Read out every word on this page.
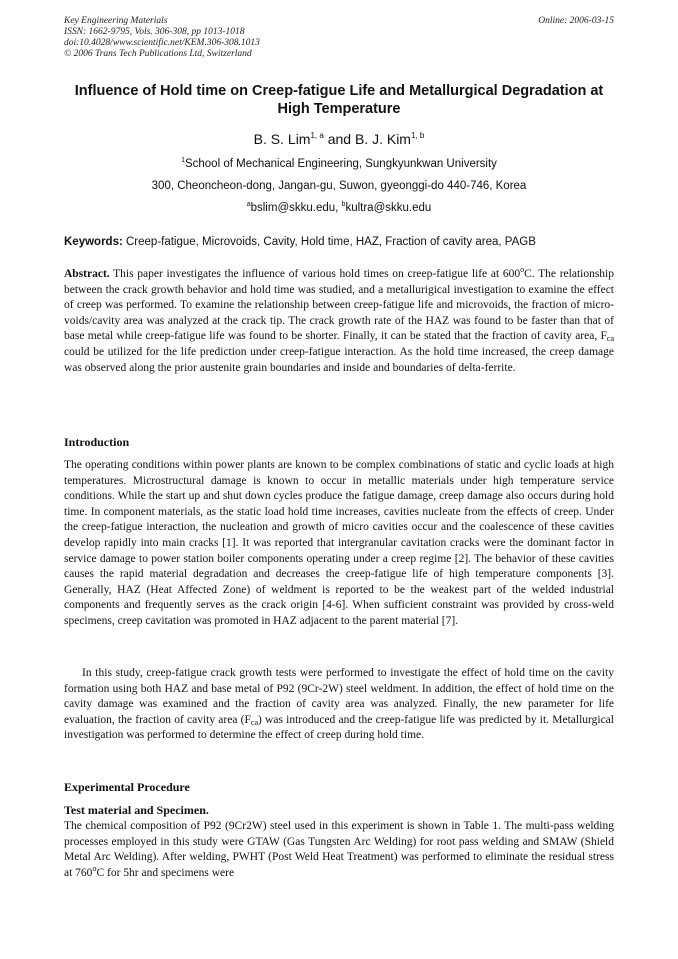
Key Engineering Materials
ISSN: 1662-9795, Vols. 306-308, pp 1013-1018
doi:10.4028/www.scientific.net/KEM.306-308.1013
© 2006 Trans Tech Publications Ltd, Switzerland
Online: 2006-03-15
Influence of Hold time on Creep-fatigue Life and Metallurgical Degradation at High Temperature
B. S. Lim$^{1, a}$ and B. J. Kim$^{1, b}$
$^1$School of Mechanical Engineering, Sungkyunkwan University
300, Cheoncheon-dong, Jangan-gu, Suwon, gyeonggi-do 440-746, Korea
$^a$bslim@skku.edu, $^b$kultra@skku.edu
Keywords: Creep-fatigue, Microvoids, Cavity, Hold time, HAZ, Fraction of cavity area, PAGB
Abstract. This paper investigates the influence of various hold times on creep-fatigue life at 600$^o$C. The relationship between the crack growth behavior and hold time was studied, and a metallurigical investigation to examine the effect of creep was performed. To examine the relationship between creep-fatigue life and microvoids, the fraction of micro-voids/cavity area was analyzed at the crack tip. The crack growth rate of the HAZ was found to be faster than that of base metal while creep-fatigue life was found to be shorter. Finally, it can be stated that the fraction of cavity area, $F_{ca}$ could be utilized for the life prediction under creep-fatigue interaction. As the hold time increased, the creep damage was observed along the prior austenite grain boundaries and inside and boundaries of delta-ferrite.
Introduction
The operating conditions within power plants are known to be complex combinations of static and cyclic loads at high temperatures. Microstructural damage is known to occur in metallic materials under high temperature service conditions. While the start up and shut down cycles produce the fatigue damage, creep damage also occurs during hold time. In component materials, as the static load hold time increases, cavities nucleate from the effects of creep. Under the creep-fatigue interaction, the nucleation and growth of micro cavities occur and the coalescence of these cavities develop rapidly into main cracks [1]. It was reported that intergranular cavitation cracks were the dominant factor in service damage to power station boiler components operating under a creep regime [2]. The behavior of these cavities causes the rapid material degradation and decreases the creep-fatigue life of high temperature components [3]. Generally, HAZ (Heat Affected Zone) of weldment is reported to be the weakest part of the welded industrial components and frequently serves as the crack origin [4-6]. When sufficient constraint was provided by cross-weld specimens, creep cavitation was promoted in HAZ adjacent to the parent material [7].
In this study, creep-fatigue crack growth tests were performed to investigate the effect of hold time on the cavity formation using both HAZ and base metal of P92 (9Cr-2W) steel weldment. In addition, the effect of hold time on the cavity damage was examined and the fraction of cavity area was analyzed. Finally, the new parameter for life evaluation, the fraction of cavity area $(F_{ca})$ was introduced and the creep-fatigue life was predicted by it. Metallurgical investigation was performed to determine the effect of creep during hold time.
Experimental Procedure
Test material and Specimen.
The chemical composition of P92 (9Cr2W) steel used in this experiment is shown in Table 1. The multi-pass welding processes employed in this study were GTAW (Gas Tungsten Arc Welding) for root pass welding and SMAW (Shield Metal Arc Welding). After welding, PWHT (Post Weld Heat Treatment) was performed to eliminate the residual stress at 760$^o$C for 5hr and specimens were
